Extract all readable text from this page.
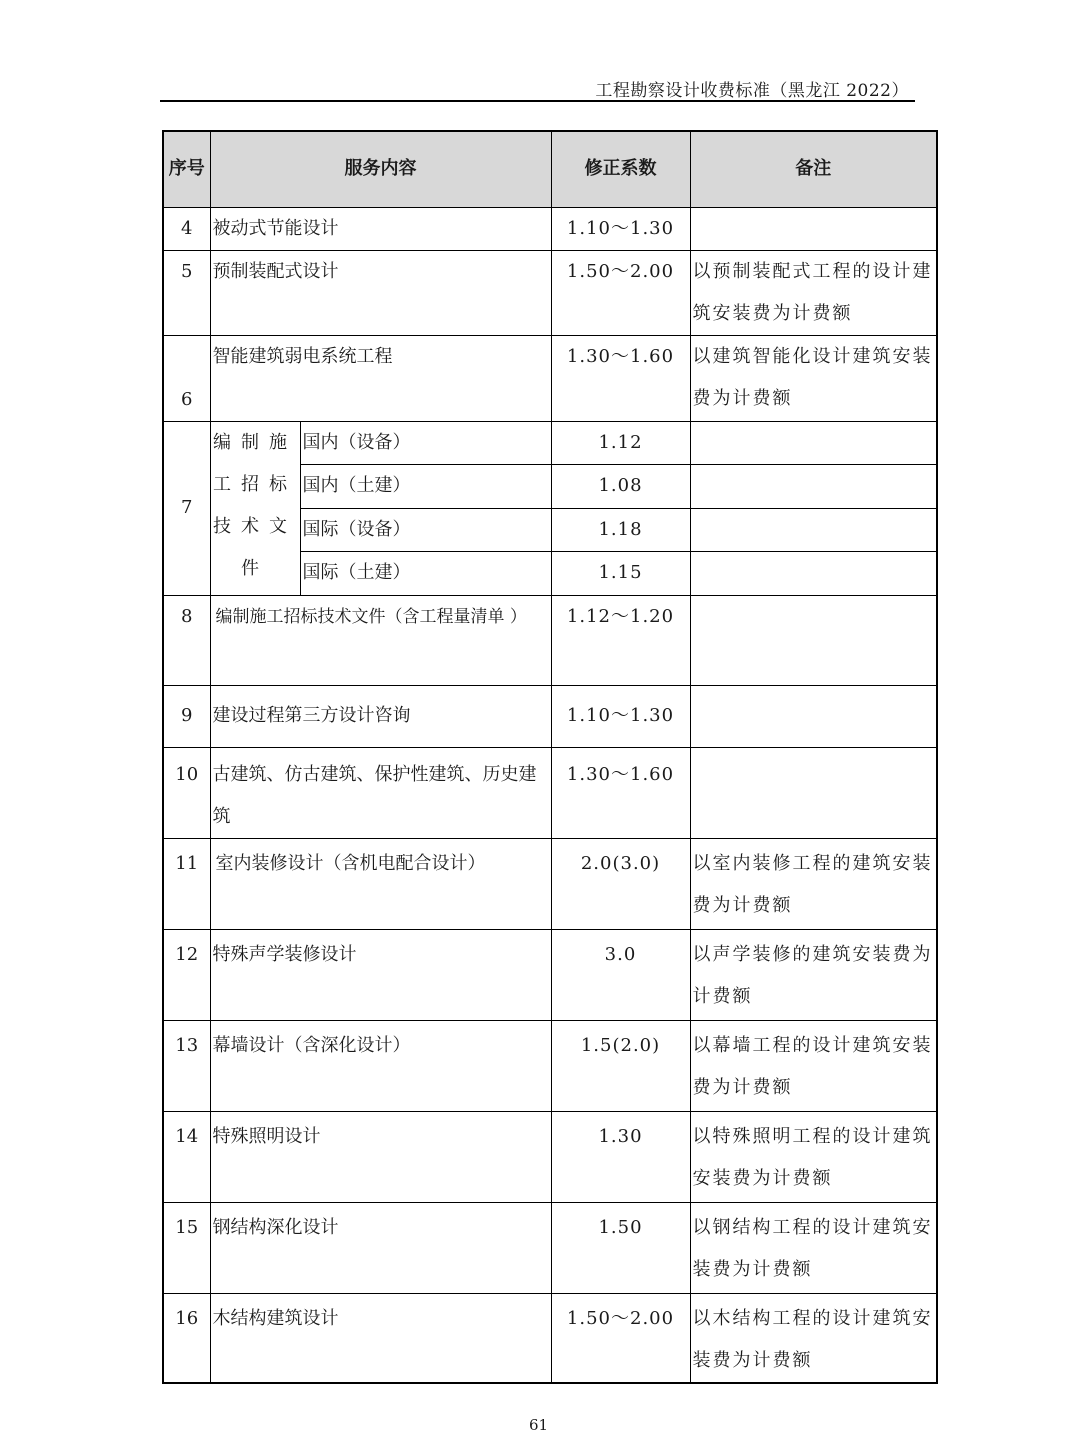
工程勘察设计收费标准（黑龙江 2022）
序号	服务内容		修正系数	备注
4	被动式节能设计		1.10～1.30	
5	预制装配式设计		1.50～2.00	以预制装配式工程的设计建筑安装费为计费额
6	智能建筑弱电系统工程		1.30～1.60	以建筑智能化设计建筑安装费为计费额
7	编制施工招标技术文件	国内（设备）	1.12	
		国内（土建）	1.08	
		国际（设备）	1.18	
		国际（土建）	1.15	
8	编制施工招标技术文件（含工程量清单 ）		1.12～1.20	
9	建设过程第三方设计咨询		1.10～1.30	
10	古建筑、仿古建筑、保护性建筑、历史建筑		1.30～1.60	
11	室内装修设计（含机电配合设计）		2.0(3.0)	以室内装修工程的建筑安装费为计费额
12	特殊声学装修设计		3.0	以声学装修的建筑安装费为计费额
13	幕墙设计（含深化设计）		1.5(2.0)	以幕墙工程的设计建筑安装费为计费额
14	特殊照明设计		1.30	以特殊照明工程的设计建筑安装费为计费额
15	钢结构深化设计		1.50	以钢结构工程的设计建筑安装费为计费额
16	木结构建筑设计		1.50～2.00	以木结构工程的设计建筑安装费为计费额
61
